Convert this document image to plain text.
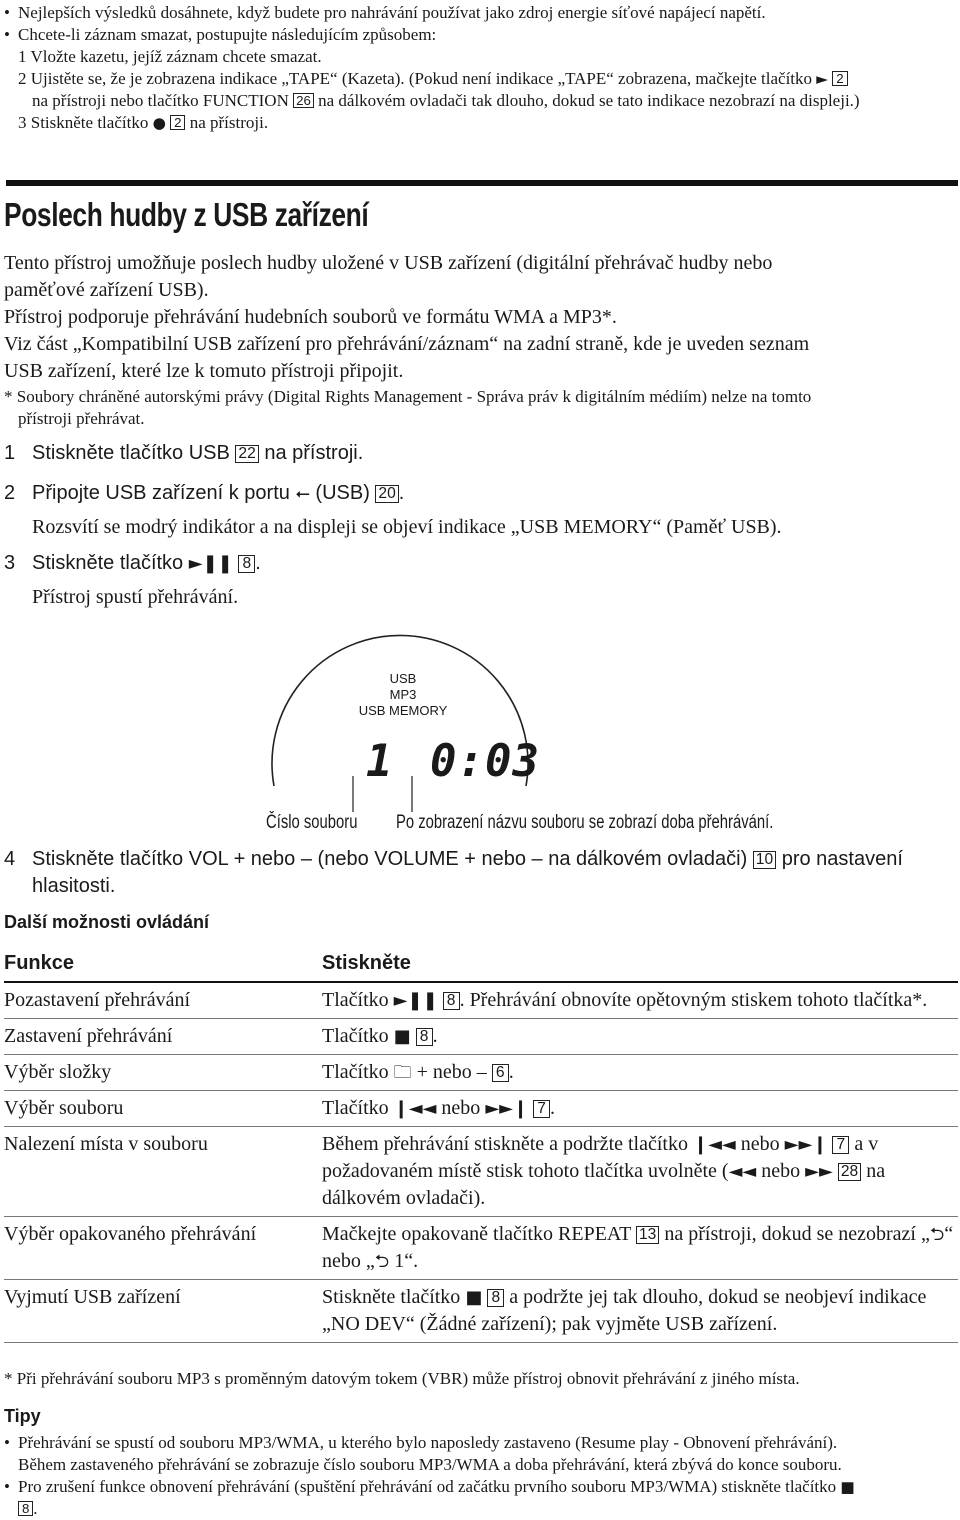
• Nejlepších výsledků dosáhnete, když budete pro nahrávání používat jako zdroj energie síťové napájecí napětí.
• Chcete-li záznam smazat, postupujte následujícím způsobem:
1 Vložte kazetu, jejíž záznam chcete smazat.
2 Ujistěte se, že je zobrazena indikace „TAPE“ (Kazeta). (Pokud není indikace „TAPE“ zobrazena, mačkejte tlačítko ► 2
na přístroji nebo tlačítko FUNCTION 26 na dálkovém ovladači tak dlouho, dokud se tato indikace nezobrazí na displeji.)
3 Stiskněte tlačítko ● 2 na přístroji.
Poslech hudby z USB zařízení
Tento přístroj umožňuje poslech hudby uložené v USB zařízení (digitální přehrávač hudby nebo
paměťové zařízení USB).
Přístroj podporuje přehrávání hudebních souborů ve formátu WMA a MP3*.
Viz část „Kompatibilní USB zařízení pro přehrávání/záznam“ na zadní straně, kde je uveden seznam
USB zařízení, které lze k tomuto přístroji připojit.
* Soubory chráněné autorskými právy (Digital Rights Management - Správa práv k digitálním médiím) nelze na tomto
přístroji přehrávat.
1 Stiskněte tlačítko USB 22 na přístroji.
2 Připojte USB zařízení k portu ⭠ (USB) 20 .
Rozsvítí se modrý indikátor a na displeji se objeví indikace „USB MEMORY“ (Paměť USB).
3 Stiskněte tlačítko ►❚❚ 8 .
Přístroj spustí přehrávání.
USB
MP3
USB MEMORY
1 0:03
Číslo souboru Po zobrazení názvu souboru se zobrazí doba přehrávání.
4 Stiskněte tlačítko VOL + nebo – (nebo VOLUME + nebo – na dálkovém ovladači) 10 pro nastavení
hlasitosti.
Další možnosti ovládání
Funkce	Stiskněte
Pozastavení přehrávání	Tlačítko ►❚❚ 8 . Přehrávání obnovíte opětovným stiskem tohoto tlačítka*.
Zastavení přehrávání	Tlačítko ■ 8 .
Výběr složky	Tlačítko 🗀 + nebo – 6 .
Výběr souboru	Tlačítko ❙◄◄ nebo ►►❙ 7 .
Nalezení místa v souboru	Během přehrávání stiskněte a podržte tlačítko ❙◄◄ nebo ►►❙ 7 a v požadovaném místě stisk tohoto tlačítka uvolněte (◄◄ nebo ►► 28 na dálkovém ovladači).
Výběr opakovaného přehrávání	Mačkejte opakovaně tlačítko REPEAT 13 na přístroji, dokud se nezobrazí „⮌“ nebo „⮌ 1“.
Vyjmutí USB zařízení	Stiskněte tlačítko ■ 8 a podržte jej tak dlouho, dokud se neobjeví indikace „NO DEV“ (Žádné zařízení); pak vyjměte USB zařízení.
* Při přehrávání souboru MP3 s proměnným datovým tokem (VBR) může přístroj obnovit přehrávání z jiného místa.
Tipy
• Přehrávání se spustí od souboru MP3/WMA, u kterého bylo naposledy zastaveno (Resume play - Obnovení přehrávání).
Během zastaveného přehrávání se zobrazuje číslo souboru MP3/WMA a doba přehrávání, která zbývá do konce souboru.
• Pro zrušení funkce obnovení přehrávání (spuštění přehrávání od začátku prvního souboru MP3/WMA) stiskněte tlačítko ■
8 .
